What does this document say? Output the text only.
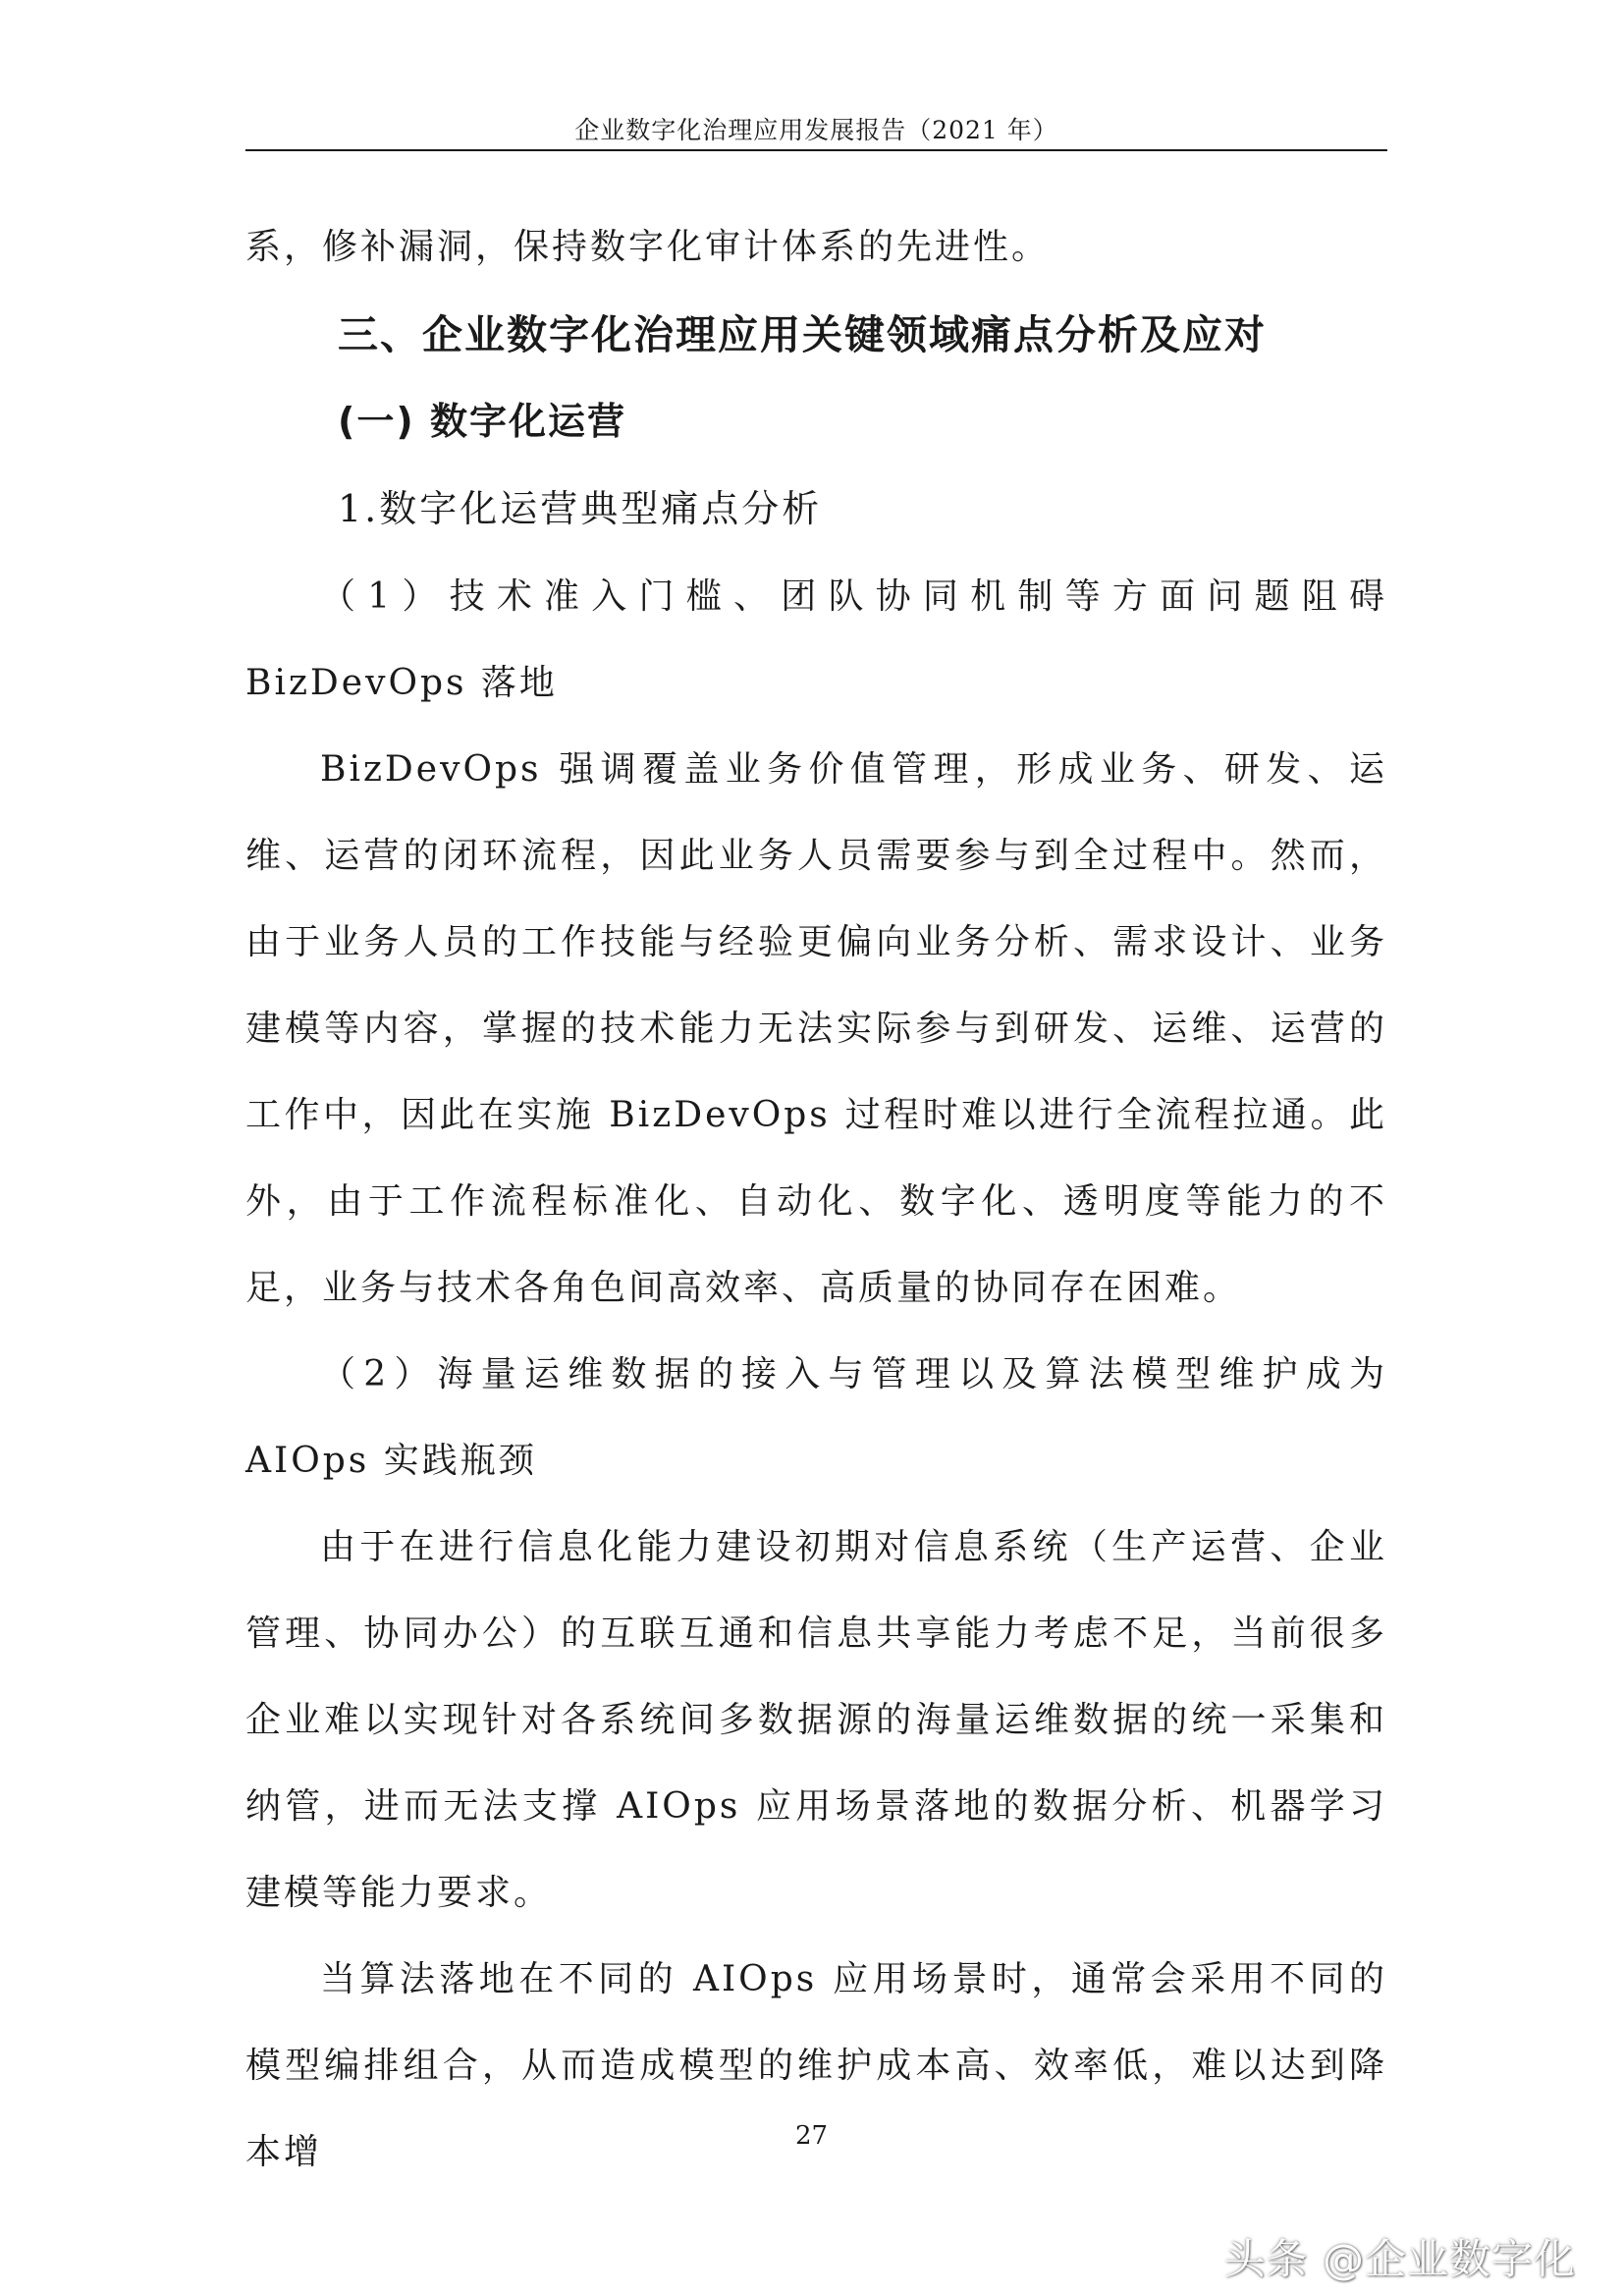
企业数字化治理应用发展报告（2021 年）

系，修补漏洞，保持数字化审计体系的先进性。

三、企业数字化治理应用关键领域痛点分析及应对
(一) 数字化运营
1.数字化运营典型痛点分析

（1）技术准入门槛、团队协同机制等方面问题阻碍 BizDevOps 落地

BizDevOps 强调覆盖业务价值管理，形成业务、研发、运维、运营的闭环流程，因此业务人员需要参与到全过程中。然而，由于业务人员的工作技能与经验更偏向业务分析、需求设计、业务建模等内容，掌握的技术能力无法实际参与到研发、运维、运营的工作中，因此在实施 BizDevOps 过程时难以进行全流程拉通。此外，由于工作流程标准化、自动化、数字化、透明度等能力的不足，业务与技术各角色间高效率、高质量的协同存在困难。

（2）海量运维数据的接入与管理以及算法模型维护成为 AIOps 实践瓶颈

由于在进行信息化能力建设初期对信息系统（生产运营、企业管理、协同办公）的互联互通和信息共享能力考虑不足，当前很多企业难以实现针对各系统间多数据源的海量运维数据的统一采集和纳管，进而无法支撑 AIOps 应用场景落地的数据分析、机器学习建模等能力要求。

当算法落地在不同的 AIOps 应用场景时，通常会采用不同的模型编排组合，从而造成模型的维护成本高、效率低，难以达到降本增	27
头条 @企业数字化
